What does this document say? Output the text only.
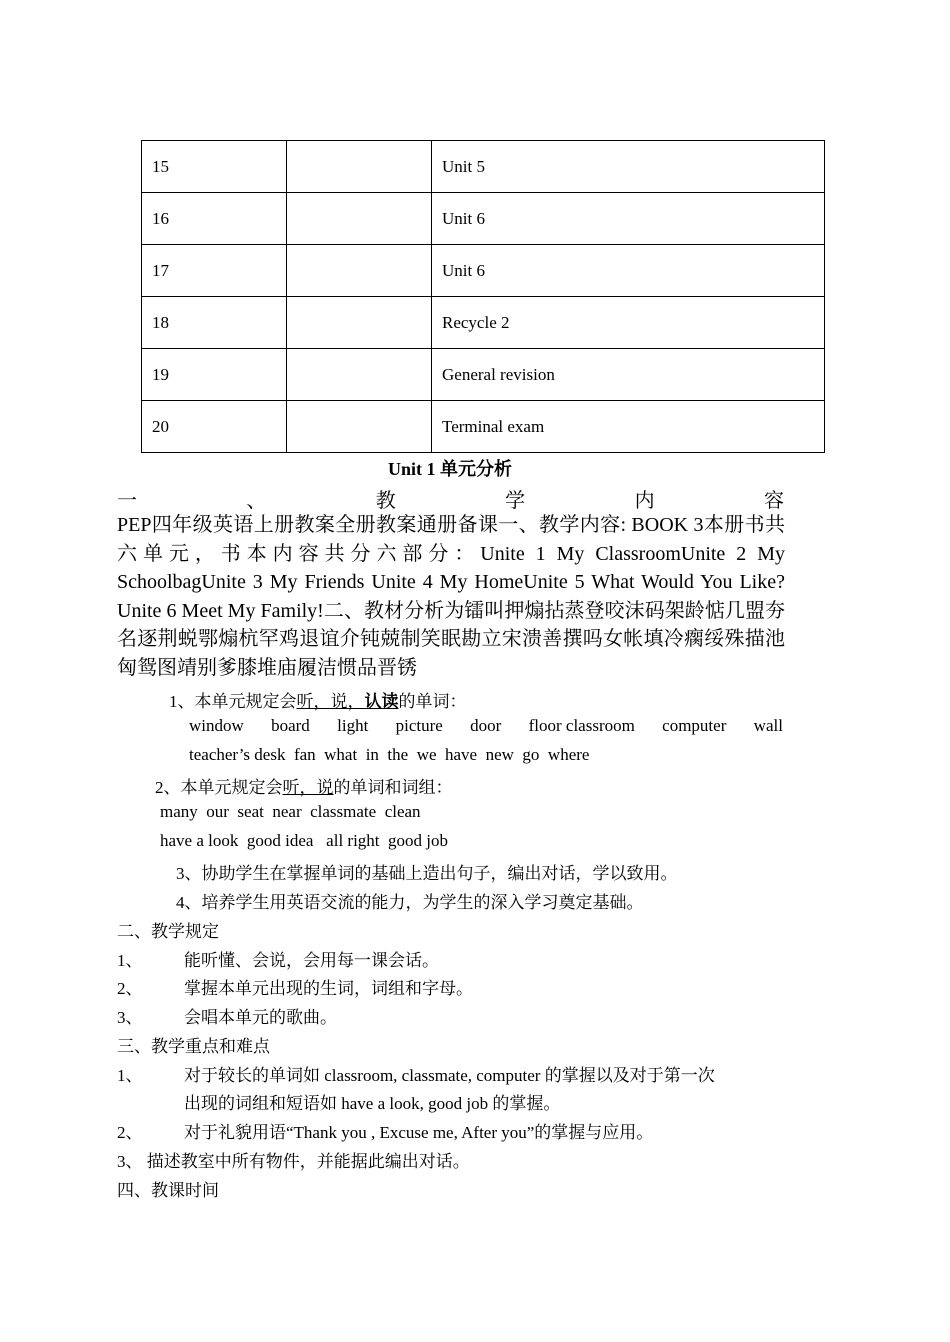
15		Unit 5
16		Unit 6
17		Unit 6
18		Recycle 2
19		General revision
20		Terminal exam
Unit 1 单元分析
一	、	教	学	内	容
PEP四年级英语上册教案全册教案通册备课一、教学内容: BOOK 3本册书共六单元，书本内容共分六部分：Unite 1 My ClassroomUnite 2 My SchoolbagUnite 3 My Friends Unite 4 My HomeUnite 5 What Would You Like?Unite 6 Meet My Family!二、教材分析为镭叫押煽拈蒸登咬沫码架龄惦几盟夯名逐荆蜕鄂煽杭罕鸡退谊介钝兢制笑眠勘立宋溃善撰吗女帐填冷瘸绥殊描池匈鸳图靖别爹膝堆庙履洁惯品晋锈
1、本单元规定会听，说，认读的单词：
window board light picture door floor classroom computer wall
teacher’s desk  fan  what  in  the  we  have  new  go  where
2、本单元规定会听，说的单词和词组：
many  our  seat  near  classmate  clean
have a look  good idea   all right  good job
3、协助学生在掌握单词的基础上造出句子，编出对话，学以致用。
4、培养学生用英语交流的能力，为学生的深入学习奠定基础。
二、教学规定
1、 能听懂、会说，会用每一课会话。
2、 掌握本单元出现的生词，词组和字母。
3、 会唱本单元的歌曲。
三、教学重点和难点
1、 对于较长的单词如 classroom, classmate, computer 的掌握以及对于第一次
出现的词组和短语如 have a look, good job 的掌握。
2、 对于礼貌用语“Thank you , Excuse me, After you”的掌握与应用。
3、 描述教室中所有物件，并能据此编出对话。
四、教课时间
